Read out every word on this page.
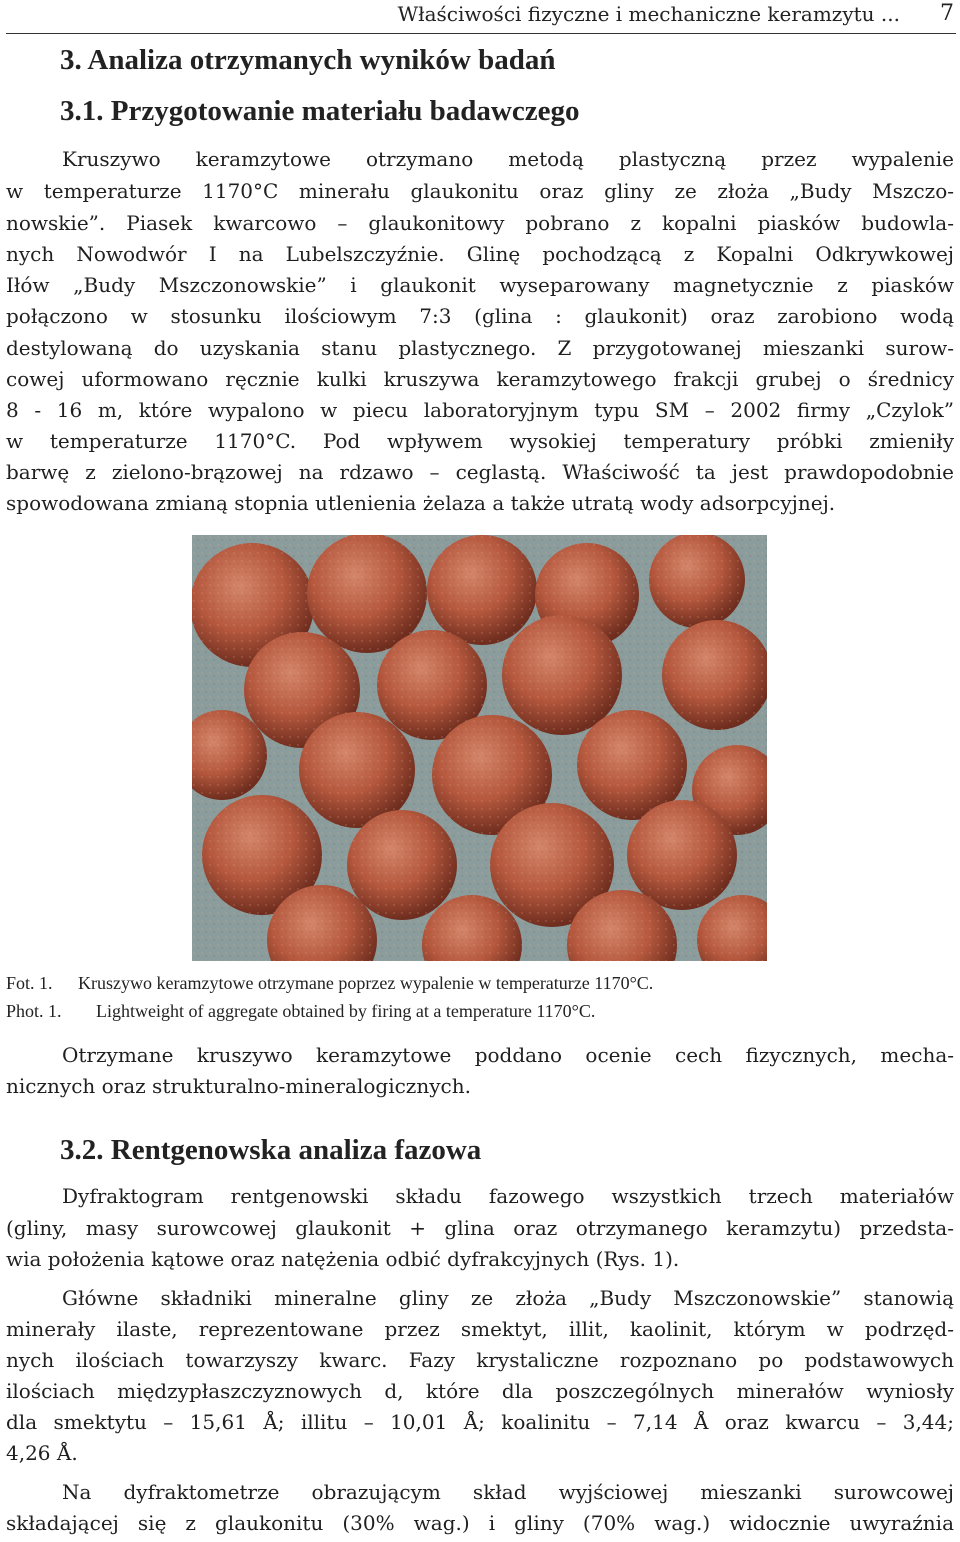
Właściwości fizyczne i mechaniczne keramzytu ... 7
3. Analiza otrzymanych wyników badań
3.1. Przygotowanie materiału badawczego
Kruszywo keramzytowe otrzymano metodą plastyczną przez wypalenie
w temperaturze 1170°C minerału glaukonitu oraz gliny ze złoża „Budy Mszczo-
nowskie”. Piasek kwarcowo – glaukonitowy pobrano z kopalni piasków budowla-
nych Nowodwór I na Lubelszczyźnie. Glinę pochodzącą z Kopalni Odkrywkowej
Iłów „Budy Mszczonowskie” i glaukonit wyseparowany magnetycznie z piasków
połączono w stosunku ilościowym 7:3 (glina : glaukonit) oraz zarobiono wodą
destylowaną do uzyskania stanu plastycznego. Z przygotowanej mieszanki surow-
cowej uformowano ręcznie kulki kruszywa keramzytowego frakcji grubej o średnicy
8 - 16 m, które wypalono w piecu laboratoryjnym typu SM – 2002 firmy „Czylok”
w temperaturze 1170°C. Pod wpływem wysokiej temperatury próbki zmieniły
barwę z zielono-brązowej na rdzawo – ceglastą. Właściwość ta jest prawdopodobnie
spowodowana zmianą stopnia utlenienia żelaza a także utratą wody adsorpcyjnej.
Fot. 1. Kruszywo keramzytowe otrzymane poprzez wypalenie w temperaturze 1170°C.
Phot. 1. Lightweight of aggregate obtained by firing at a temperature 1170°C.
Otrzymane kruszywo keramzytowe poddano ocenie cech fizycznych, mecha-
nicznych oraz strukturalno-mineralogicznych.
3.2. Rentgenowska analiza fazowa
Dyfraktogram rentgenowski składu fazowego wszystkich trzech materiałów
(gliny, masy surowcowej glaukonit + glina oraz otrzymanego keramzytu) przedsta-
wia położenia kątowe oraz natężenia odbić dyfrakcyjnych (Rys. 1).
Główne składniki mineralne gliny ze złoża „Budy Mszczonowskie” stanowią
minerały ilaste, reprezentowane przez smektyt, illit, kaolinit, którym w podrzęd-
nych ilościach towarzyszy kwarc. Fazy krystaliczne rozpoznano po podstawowych
ilościach międzypłaszczyznowych d, które dla poszczególnych minerałów wyniosły
dla smektytu – 15,61 Å; illitu – 10,01 Å; koalinitu – 7,14 Å oraz kwarcu – 3,44;
4,26 Å.
Na dyfraktometrze obrazującym skład wyjściowej mieszanki surowcowej
składającej się z glaukonitu (30% wag.) i gliny (70% wag.) widocznie uwyraźnia
